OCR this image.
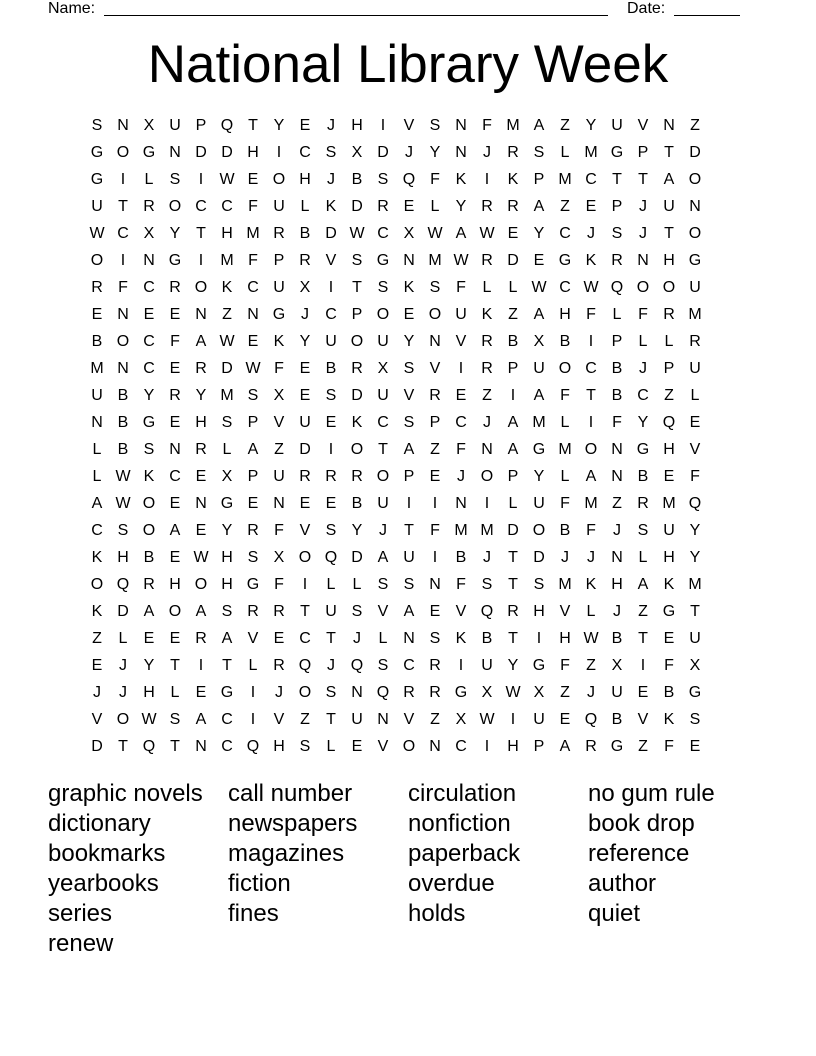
Name:	Date:
National Library Week
S N X U P Q T Y E	J	H	I	V S N F M A Z Y U V N Z
G O G N D D H	I	C S X D	J	Y N	J	R S	L M G P T D
G	I	L	S	I	W E O H	J	B S Q F K	I	K P M C T	T A O
U T R O C C F U L	K D R E	L	Y R R A Z E P	J	U N
W C X Y T H M R B D W C X W A W E Y C	J	S	J	T O
O	I	N G	I	M F P R V S G N M W R D E G K R N H G
R F C R O K C U X	I	T S K S F	L	L W C W Q O O U
E N E E N Z N G J	C P O E O U K Z A H F	L	F R M
B O C F A W E K Y U O U Y N V R B X B	I	P	L	L R
M N C E R D W F E B R X S V	I	R P U O C B	J	P U
U B Y R Y M S X E S D U V R E Z	I	A F	T B C Z	L
N B G E H S P V U E K C S P C	J	A M L	I	F Y Q E
L	B S N R L	A Z D	I	O T A Z	F N A G M O N G H V
L W K C E X P U R R R O P E	J O P Y	L	A N B E F
A W O E N G E N E E B U	I	I	N	I	L U F M Z R M Q
C S O A E Y R F V S Y	J	T	F M M D O B F	J	S U Y
K H B E W H S X O Q D A U	I	B	J	T D	J	J	N L H Y
O Q R H O H G F	I	L	L	S S N F S T S M K H A K M
K D A O A S R R T U S V A E V Q R H V	L	J	Z G T
Z	L	E E R A V E C T	J	L N S K B T	I	H W B T E U
E	J	Y T	I	T	L R Q J Q S C R	I	U Y G F	Z X	I	F X
J	J	H L	E G	I	J O S N Q R R G X W X Z	J	U E B G
V O W S A C	I	V Z	T U N V Z X W	I	U E Q B V K S
D T Q T N C Q H S	L	E V O N C	I	H P A R G Z	F E
graphic novels
dictionary
bookmarks
yearbooks
series
renew
call number
newspapers
magazines
fiction
fines
circulation
nonfiction
paperback
overdue
holds
no gum rule
book drop
reference
author
quiet
